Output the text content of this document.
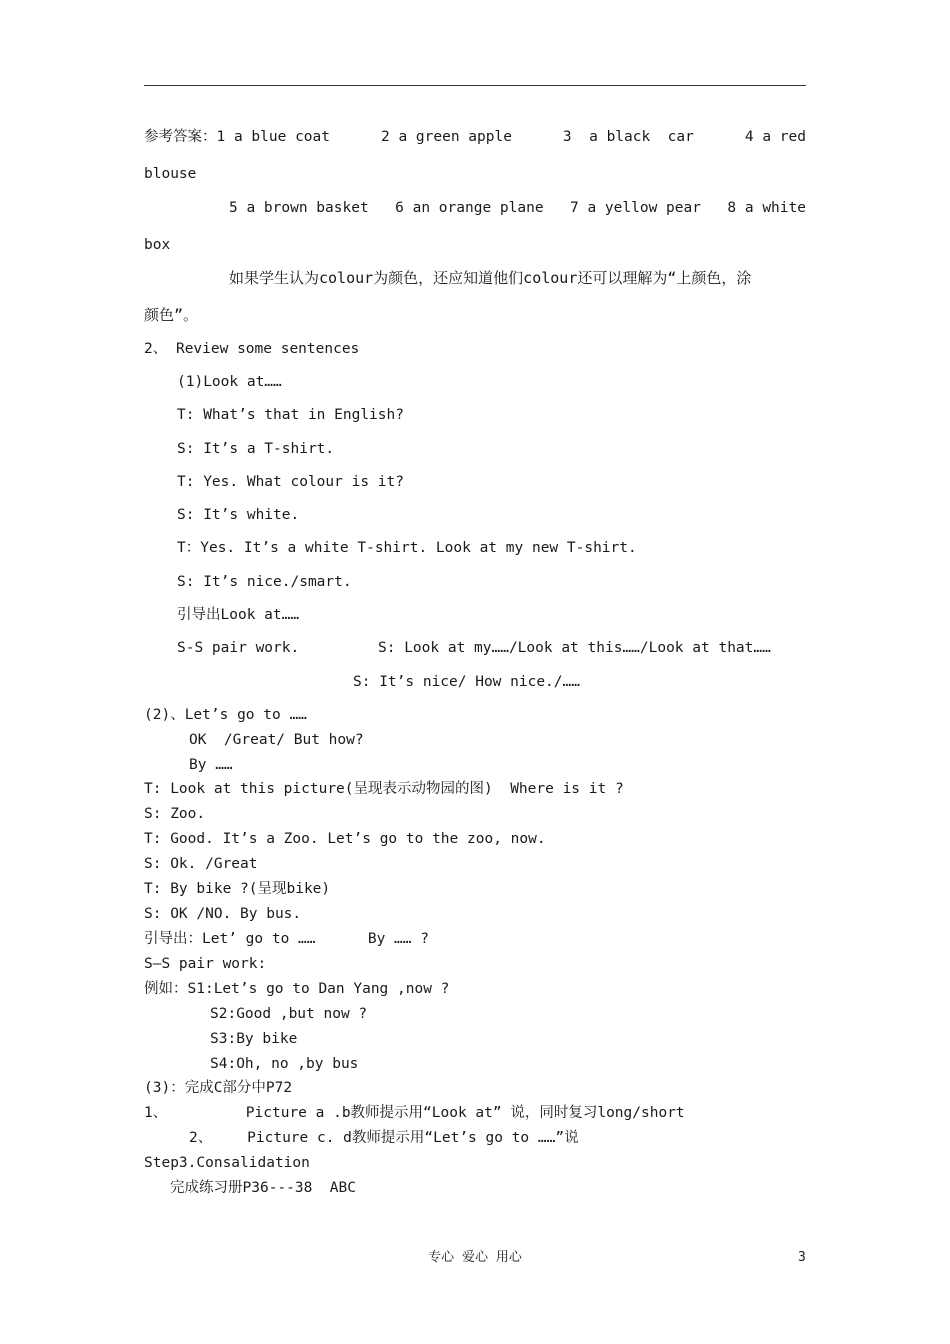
参考答案：1 a blue coat	2 a green apple	3  a black  car	4 a red
blouse
5 a brown basket 6 an orange plane 7 a yellow pear 8 a white
box
如果学生认为colour为颜色，还应知道他们colour还可以理解为“上颜色，涂
颜色”。
2、 Review some sentences
(1)Look at……
T: What’s that in English?
S: It’s a T-shirt.
T: Yes. What colour is it?
S: It’s white.
T：Yes. It’s a white T-shirt. Look at my new T-shirt.
S: It’s nice./smart.
引导出Look at……
S-S pair work.	S: Look at my……/Look at this……/Look at that……
S: It’s nice/ How nice./……
(2)、Let’s go to ……
OK  /Great/ But how?
By ……
T: Look at this picture(呈现表示动物园的图)  Where is it ?
S: Zoo.
T: Good. It’s a Zoo. Let’s go to the zoo, now.
S: Ok. /Great
T: By bike ?(呈现bike)
S: OK /NO. By bus.
引导出：Let’ go to ……      By …… ?
S—S pair work:
例如：S1:Let’s go to Dan Yang ,now ?
S2:Good ,but now ?
S3:By bike
S4:Oh, no ,by bus
(3)：完成C部分中P72
1、         Picture a .b教师提示用“Look at” 说，同时复习long/short
2、    Picture c. d教师提示用“Let’s go to ……”说
Step3.Consalidation
完成练习册P36---38  ABC
专心 爱心 用心	3
